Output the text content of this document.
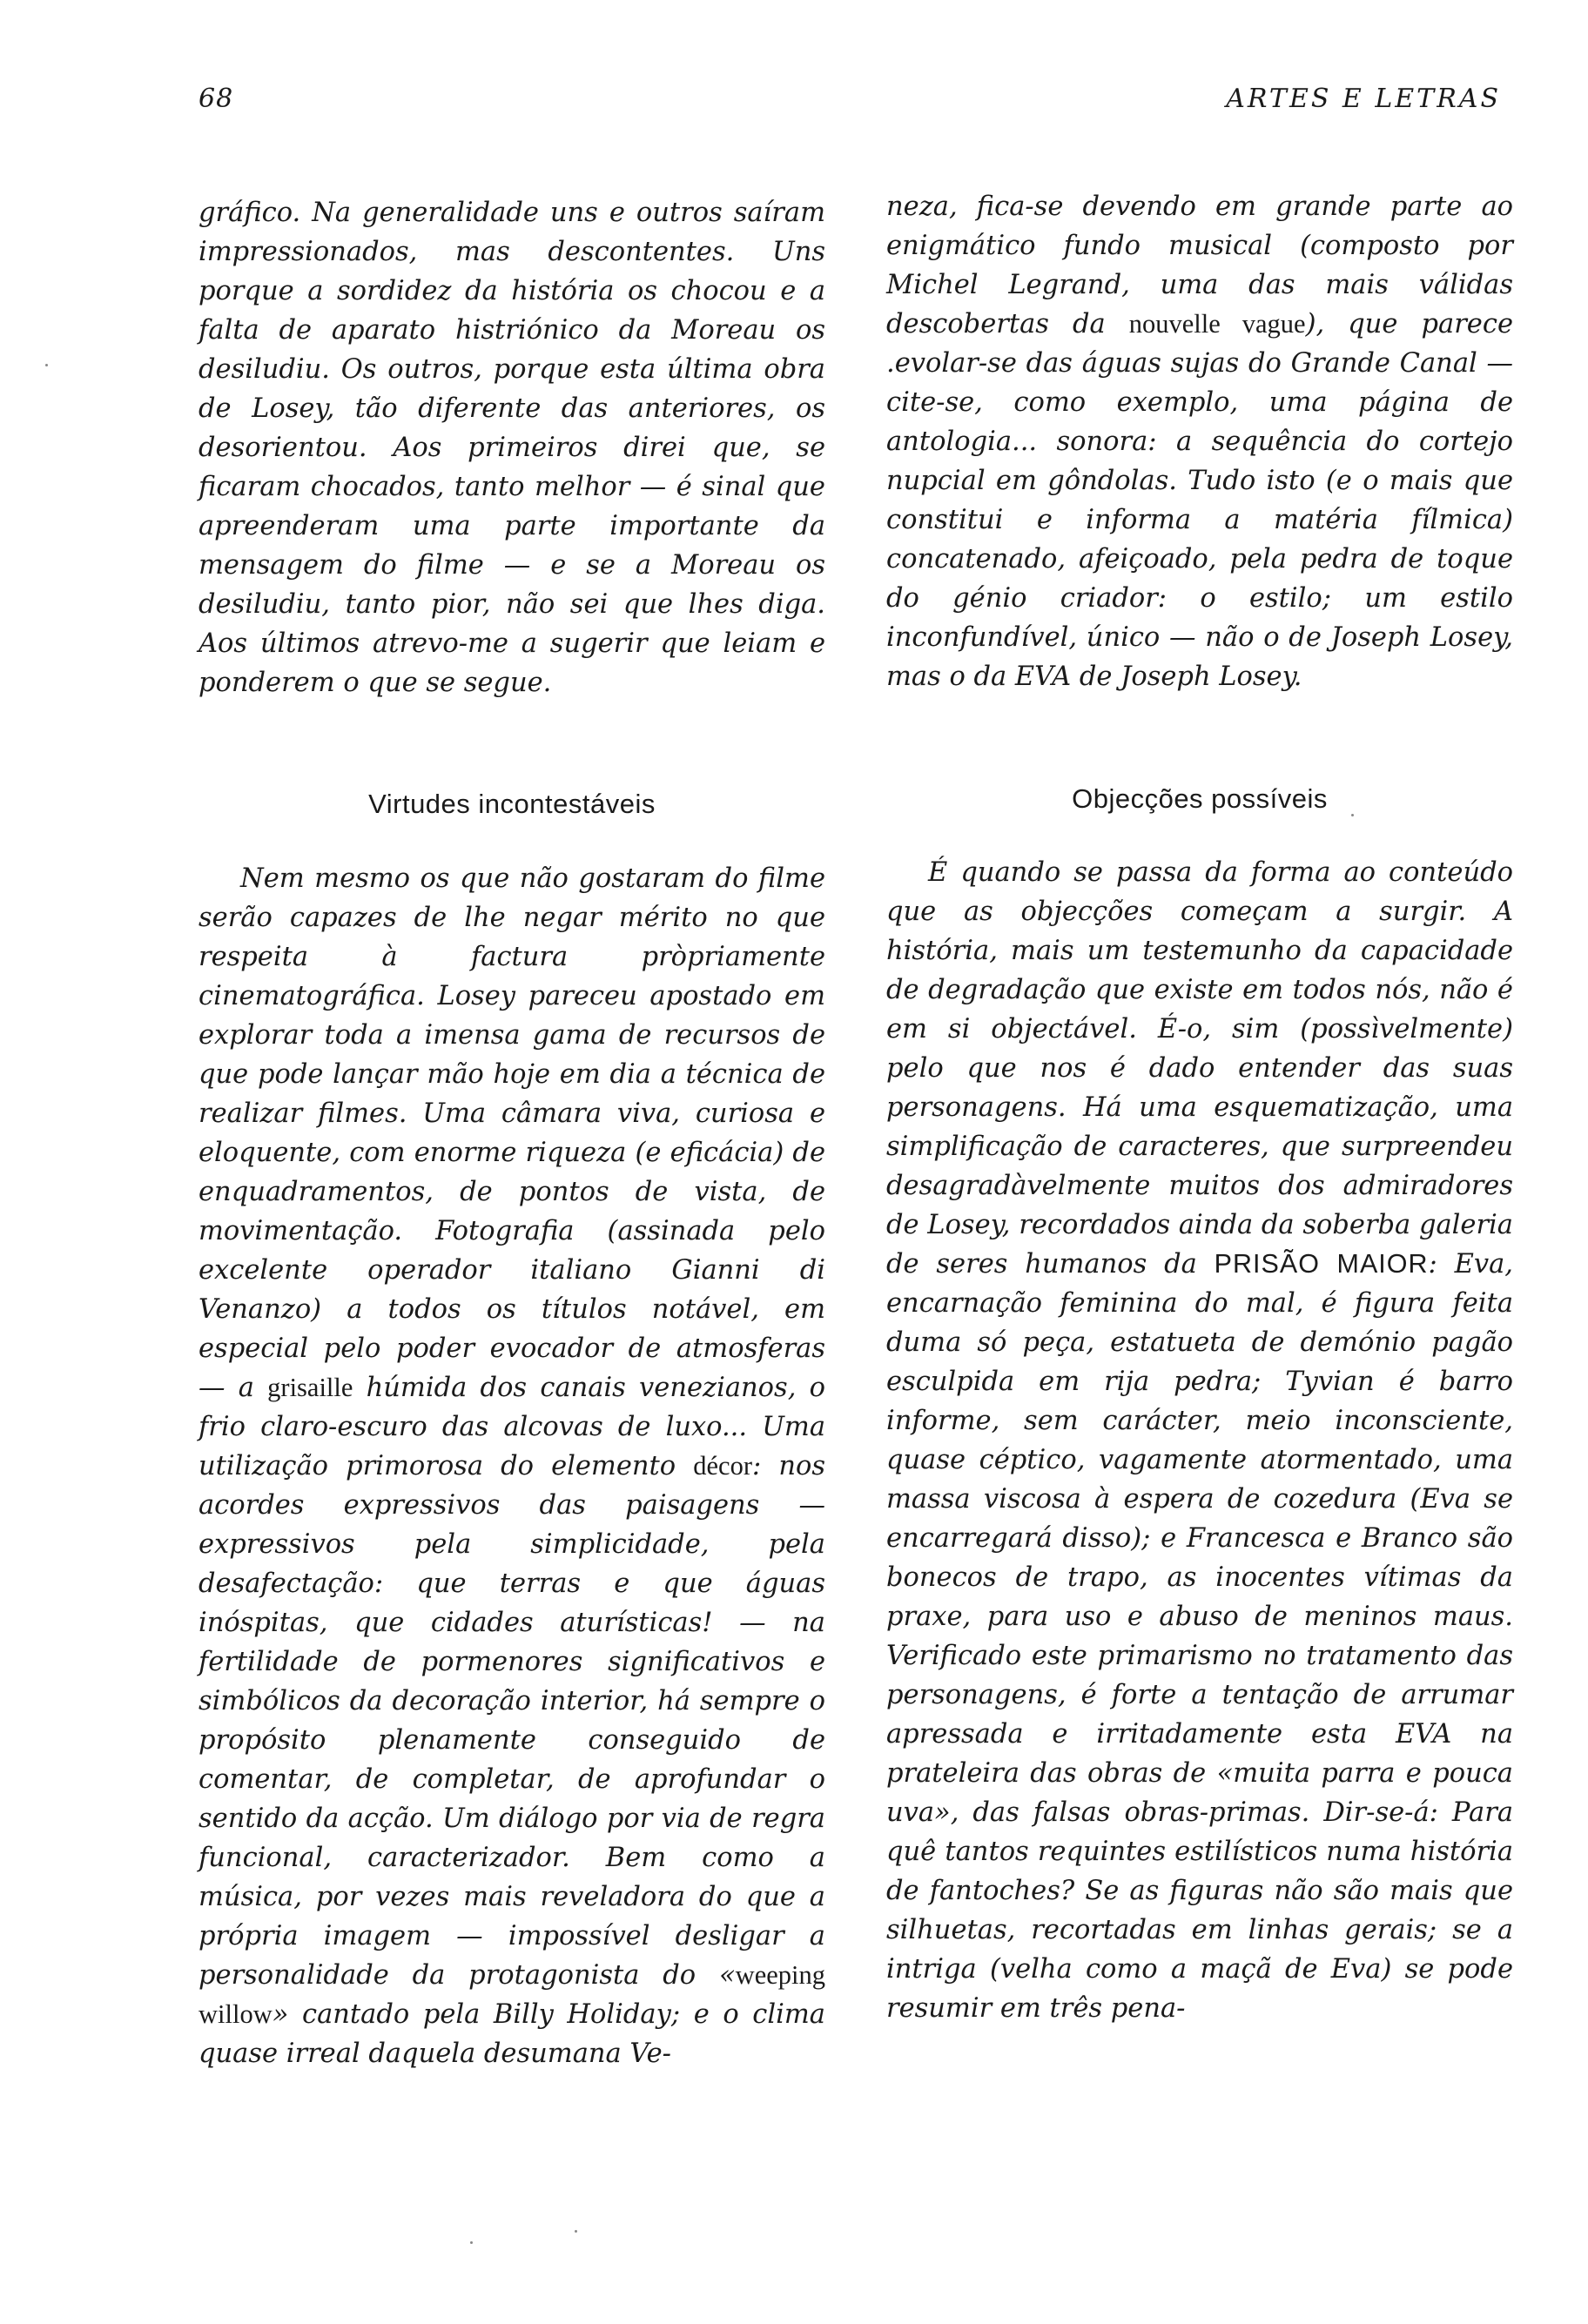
68	ARTES E LETRAS

gráfico. Na generalidade uns e outros saíram impressionados, mas descontentes. Uns porque a sordidez da história os chocou e a falta de aparato histriónico da Moreau os desiludiu. Os outros, porque esta última obra de Losey, tão diferente das anteriores, os desorientou. Aos primeiros direi que, se ficaram chocados, tanto melhor — é sinal que apreenderam uma parte importante da mensagem do filme — e se a Moreau os desiludiu, tanto pior, não sei que lhes diga. Aos últimos atrevo-me a sugerir que leiam e ponderem o que se segue.

neza, fica-se devendo em grande parte ao enigmático fundo musical (composto por Michel Legrand, uma das mais válidas descobertas da nouvelle vague), que parece .evolar-se das águas sujas do Grande Canal — cite-se, como exemplo, uma página de antologia... sonora: a sequência do cortejo nupcial em gôndolas. Tudo isto (e o mais que constitui e informa a matéria fílmica) concatenado, afeiçoado, pela pedra de toque do génio criador: o estilo; um estilo inconfundível, único — não o de Joseph Losey, mas o da EVA de Joseph Losey.

Virtudes incontestáveis	Objecções possíveis

Nem mesmo os que não gostaram do filme serão capazes de lhe negar mérito no que respeita à factura pròpriamente cinematográfica. Losey pareceu apostado em explorar toda a imensa gama de recursos de que pode lançar mão hoje em dia a técnica de realizar filmes. Uma câmara viva, curiosa e eloquente, com enorme riqueza (e eficácia) de enquadramentos, de pontos de vista, de movimentação. Fotografia (assinada pelo excelente operador italiano Gianni di Venanzo) a todos os títulos notável, em especial pelo poder evocador de atmosferas — a grisaille húmida dos canais venezianos, o frio claro-escuro das alcovas de luxo... Uma utilização primorosa do elemento décor: nos acordes expressivos das paisagens — expressivos pela simplicidade, pela desafectação: que terras e que águas inóspitas, que cidades aturísticas! — na fertilidade de pormenores significativos e simbólicos da decoração interior, há sempre o propósito plenamente conseguido de comentar, de completar, de aprofundar o sentido da acção. Um diálogo por via de regra funcional, caracterizador. Bem como a música, por vezes mais reveladora do que a própria imagem — impossível desligar a personalidade da protagonista do «weeping willow» cantado pela Billy Holiday; e o clima quase irreal daquela desumana Ve-

É quando se passa da forma ao conteúdo que as objecções começam a surgir. A história, mais um testemunho da capacidade de degradação que existe em todos nós, não é em si objectável. É-o, sim (possìvelmente) pelo que nos é dado entender das suas personagens. Há uma esquematização, uma simplificação de caracteres, que surpreendeu desagradàvelmente muitos dos admiradores de Losey, recordados ainda da soberba galeria de seres humanos da PRISÃO MAIOR: Eva, encarnação feminina do mal, é figura feita duma só peça, estatueta de demónio pagão esculpida em rija pedra; Tyvian é barro informe, sem carácter, meio inconsciente, quase céptico, vagamente atormentado, uma massa viscosa à espera de cozedura (Eva se encarregará disso); e Francesca e Branco são bonecos de trapo, as inocentes vítimas da praxe, para uso e abuso de meninos maus. Verificado este primarismo no tratamento das personagens, é forte a tentação de arrumar apressada e irritadamente esta EVA na prateleira das obras de «muita parra e pouca uva», das falsas obras-primas. Dir-se-á: Para quê tantos requintes estilísticos numa história de fantoches? Se as figuras não são mais que silhuetas, recortadas em linhas gerais; se a intriga (velha como a maçã de Eva) se pode resumir em três pena-
